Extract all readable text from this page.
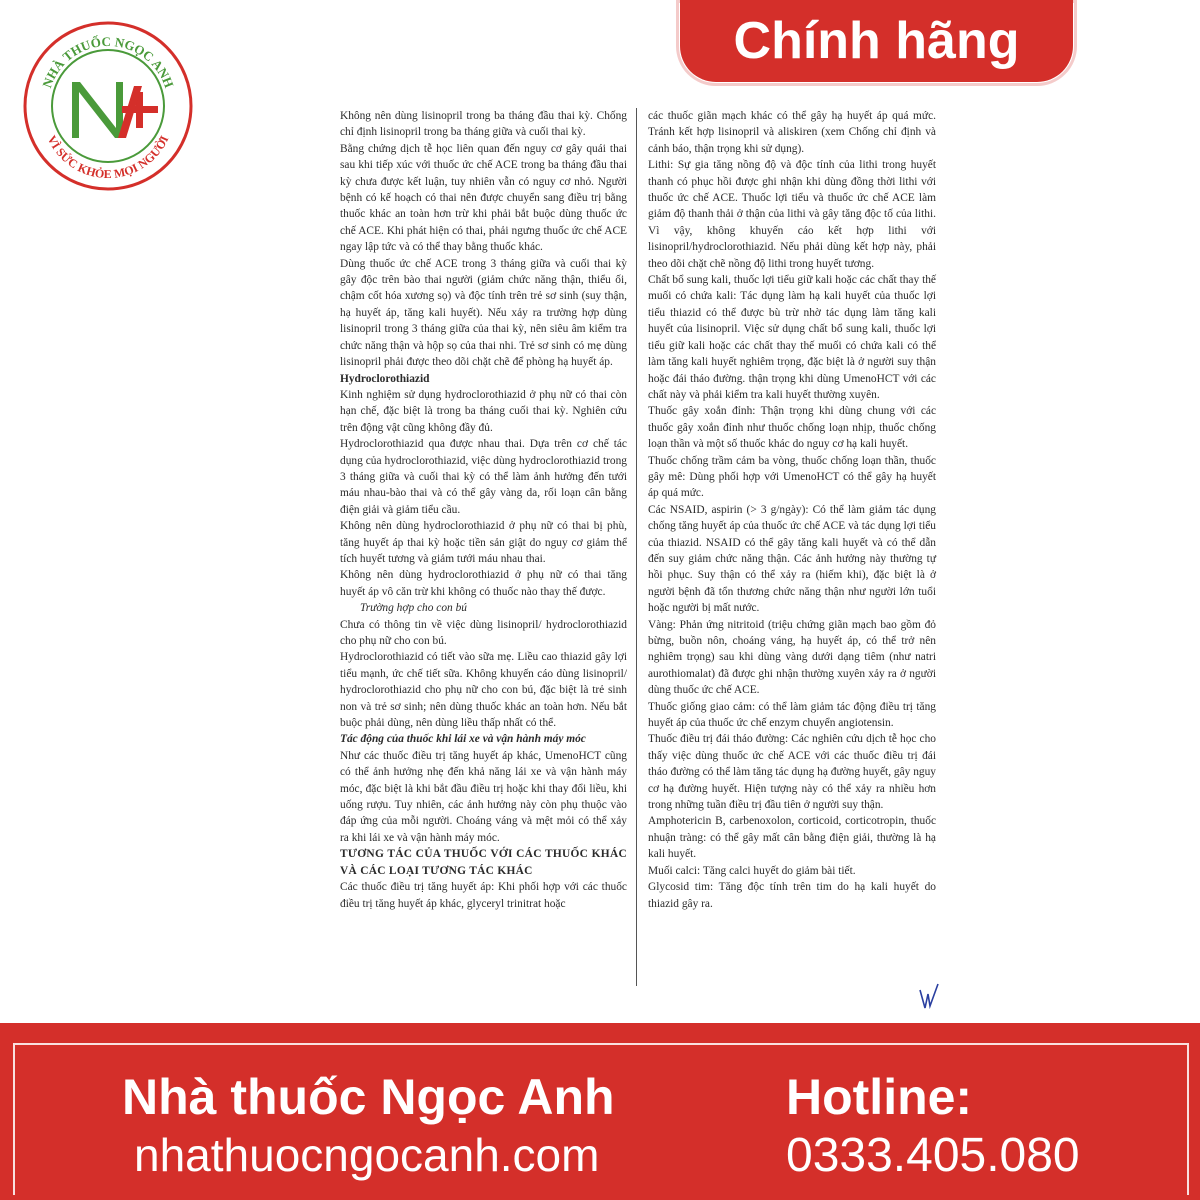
NHÀ THUỐC NGỌC ANH
VÌ SỨC KHỎE MỌI NGƯỜI
Chính hãng

Không nên dùng lisinopril trong ba tháng đầu thai kỳ. Chống chỉ định lisinopril trong ba tháng giữa và cuối thai kỳ.

Bằng chứng dịch tễ học liên quan đến nguy cơ gây quái thai sau khi tiếp xúc với thuốc ức chế ACE trong ba tháng đầu thai kỳ chưa được kết luận, tuy nhiên vẫn có nguy cơ nhỏ. Người bệnh có kế hoạch có thai nên được chuyển sang điều trị bằng thuốc khác an toàn hơn trừ khi phải bắt buộc dùng thuốc ức chế ACE. Khi phát hiện có thai, phải ngưng thuốc ức chế ACE ngay lập tức và có thể thay bằng thuốc khác.

Dùng thuốc ức chế ACE trong 3 tháng giữa và cuối thai kỳ gây độc trên bào thai người (giảm chức năng thận, thiểu ối, chậm cốt hóa xương sọ) và độc tính trên trẻ sơ sinh (suy thận, hạ huyết áp, tăng kali huyết). Nếu xảy ra trường hợp dùng lisinopril trong 3 tháng giữa của thai kỳ, nên siêu âm kiểm tra chức năng thận và hộp sọ của thai nhi. Trẻ sơ sinh có mẹ dùng lisinopril phải được theo dõi chặt chẽ để phòng hạ huyết áp.

Hydroclorothiazid

Kinh nghiệm sử dụng hydroclorothiazid ở phụ nữ có thai còn hạn chế, đặc biệt là trong ba tháng cuối thai kỳ. Nghiên cứu trên động vật cũng không đầy đủ.

Hydroclorothiazid qua được nhau thai. Dựa trên cơ chế tác dụng của hydroclorothiazid, việc dùng hydroclorothiazid trong 3 tháng giữa và cuối thai kỳ có thể làm ảnh hưởng đến tưới máu nhau-bào thai và có thể gây vàng da, rối loạn cân bằng điện giải và giảm tiểu cầu.

Không nên dùng hydroclorothiazid ở phụ nữ có thai bị phù, tăng huyết áp thai kỳ hoặc tiền sản giật do nguy cơ giảm thể tích huyết tương và giảm tưới máu nhau thai.

Không nên dùng hydroclorothiazid ở phụ nữ có thai tăng huyết áp vô căn trừ khi không có thuốc nào thay thế được.

Trường hợp cho con bú

Chưa có thông tin về việc dùng lisinopril/ hydroclorothiazid cho phụ nữ cho con bú.

Hydroclorothiazid có tiết vào sữa mẹ. Liều cao thiazid gây lợi tiểu mạnh, ức chế tiết sữa. Không khuyến cáo dùng lisinopril/ hydroclorothiazid cho phụ nữ cho con bú, đặc biệt là trẻ sinh non và trẻ sơ sinh; nên dùng thuốc khác an toàn hơn. Nếu bắt buộc phải dùng, nên dùng liều thấp nhất có thể.

Tác động của thuốc khi lái xe và vận hành máy móc

Như các thuốc điều trị tăng huyết áp khác, UmenoHCT cũng có thể ảnh hưởng nhẹ đến khả năng lái xe và vận hành máy móc, đặc biệt là khi bắt đầu điều trị hoặc khi thay đổi liều, khi uống rượu. Tuy nhiên, các ảnh hưởng này còn phụ thuộc vào đáp ứng của mỗi người. Choáng váng và mệt mỏi có thể xảy ra khi lái xe và vận hành máy móc.

TƯƠNG TÁC CỦA THUỐC VỚI CÁC THUỐC KHÁC VÀ CÁC LOẠI TƯƠNG TÁC KHÁC

Các thuốc điều trị tăng huyết áp: Khi phối hợp với các thuốc điều trị tăng huyết áp khác, glyceryl trinitrat hoặc

các thuốc giãn mạch khác có thể gây hạ huyết áp quá mức. Tránh kết hợp lisinopril và aliskiren (xem Chống chỉ định và cảnh báo, thận trọng khi sử dụng).

Lithi: Sự gia tăng nồng độ và độc tính của lithi trong huyết thanh có phục hồi được ghi nhận khi dùng đồng thời lithi với thuốc ức chế ACE. Thuốc lợi tiểu và thuốc ức chế ACE làm giảm độ thanh thải ở thận của lithi và gây tăng độc tố của lithi. Vì vậy, không khuyến cáo kết hợp lithi với lisinopril/hydroclorothiazid. Nếu phải dùng kết hợp này, phải theo dõi chặt chẽ nồng độ lithi trong huyết tương.

Chất bổ sung kali, thuốc lợi tiểu giữ kali hoặc các chất thay thế muối có chứa kali: Tác dụng làm hạ kali huyết của thuốc lợi tiểu thiazid có thể được bù trừ nhờ tác dụng làm tăng kali huyết của lisinopril. Việc sử dụng chất bổ sung kali, thuốc lợi tiểu giữ kali hoặc các chất thay thế muối có chứa kali có thể làm tăng kali huyết nghiêm trọng, đặc biệt là ở người suy thận hoặc đái tháo đường. thận trọng khi dùng UmenoHCT với các chất này và phải kiểm tra kali huyết thường xuyên.

Thuốc gây xoắn đỉnh: Thận trọng khi dùng chung với các thuốc gây xoắn đỉnh như thuốc chống loạn nhịp, thuốc chống loạn thần và một số thuốc khác do nguy cơ hạ kali huyết.

Thuốc chống trầm cảm ba vòng, thuốc chống loạn thần, thuốc gây mê: Dùng phối hợp với UmenoHCT có thể gây hạ huyết áp quá mức.

Các NSAID, aspirin (> 3 g/ngày): Có thể làm giảm tác dụng chống tăng huyết áp của thuốc ức chế ACE và tác dụng lợi tiểu của thiazid. NSAID có thể gây tăng kali huyết và có thể dẫn đến suy giảm chức năng thận. Các ảnh hưởng này thường tự hồi phục. Suy thận có thể xảy ra (hiếm khi), đặc biệt là ở người bệnh đã tổn thương chức năng thận như người lớn tuổi hoặc người bị mất nước.

Vàng: Phản ứng nitritoid (triệu chứng giãn mạch bao gồm đỏ bừng, buồn nôn, choáng váng, hạ huyết áp, có thể trở nên nghiêm trọng) sau khi dùng vàng dưới dạng tiêm (như natri aurothiomalat) đã được ghi nhận thường xuyên xảy ra ở người dùng thuốc ức chế ACE.

Thuốc giống giao cảm: có thể làm giảm tác động điều trị tăng huyết áp của thuốc ức chế enzym chuyển angiotensin.

Thuốc điều trị đái tháo đường: Các nghiên cứu dịch tễ học cho thấy việc dùng thuốc ức chế ACE với các thuốc điều trị đái tháo đường có thể làm tăng tác dụng hạ đường huyết, gây nguy cơ hạ đường huyết. Hiện tượng này có thể xảy ra nhiều hơn trong những tuần điều trị đầu tiên ở người suy thận.

Amphotericin B, carbenoxolon, corticoid, corticotropin, thuốc nhuận tràng: có thể gây mất cân bằng điện giải, thường là hạ kali huyết.

Muối calci: Tăng calci huyết do giảm bài tiết.

Glycosid tim: Tăng độc tính trên tim do hạ kali huyết do thiazid gây ra.

Nhà thuốc Ngọc Anh
nhathuocngocanh.com
Hotline:
0333.405.080
